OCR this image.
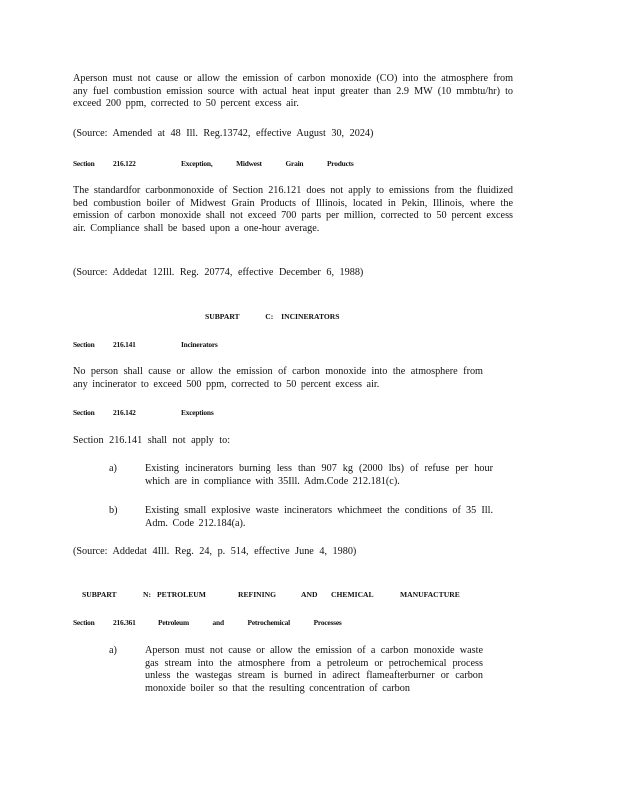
Aperson must not cause or allow the emission of carbon monoxide (CO) into the atmosphere from any fuel combustion emission source with actual heat input greater than 2.9 MW (10 mmbtu/hr) to exceed 200 ppm, corrected to 50 percent excess air.

(Source: Amended at 48 Ill. Reg.13742, effective August 30, 2024)

Section 216.122	Exception, Midwest Grain Products

The standardfor carbonmonoxide of Section 216.121 does not apply to emissions from the fluidized bed combustion boiler of Midwest Grain Products of Illinois, located in Pekin, Illinois, where the emission of carbon monoxide shall not exceed 700 parts per million, corrected to 50 percent excess air. Compliance shall be based upon a one-hour average.

(Source: Addedat 12Ill. Reg. 20774, effective December 6, 1988)

SUBPART	C: INCINERATORS
Section 216.141	Incinerators

No person shall cause or allow the emission of carbon monoxide into the atmosphere from any incinerator to exceed 500 ppm, corrected to 50 percent excess air.

Section 216.142	Exceptions

Section 216.141 shall not apply to:

a)	Existing incinerators burning less than 907 kg (2000 lbs) of refuse per hour which are in compliance with 35Ill. Adm.Code 212.181(c).

b)	Existing small explosive waste incinerators whichmeet the conditions of 35 Ill. Adm. Code 212.184(a).

(Source: Addedat 4Ill. Reg. 24, p. 514, effective June 4, 1980)

SUBPART	N: PETROLEUM	REFINING	AND CHEMICAL	MANUFACTURE
Section 216.361	Petroleum and Petrochemical Processes

a)	Aperson must not cause or allow the emission of a carbon monoxide waste gas stream into the atmosphere from a petroleum or petrochemical process unless the wastegas stream is burned in adirect flameafterburner or carbon monoxide boiler so that the resulting concentration of carbon
